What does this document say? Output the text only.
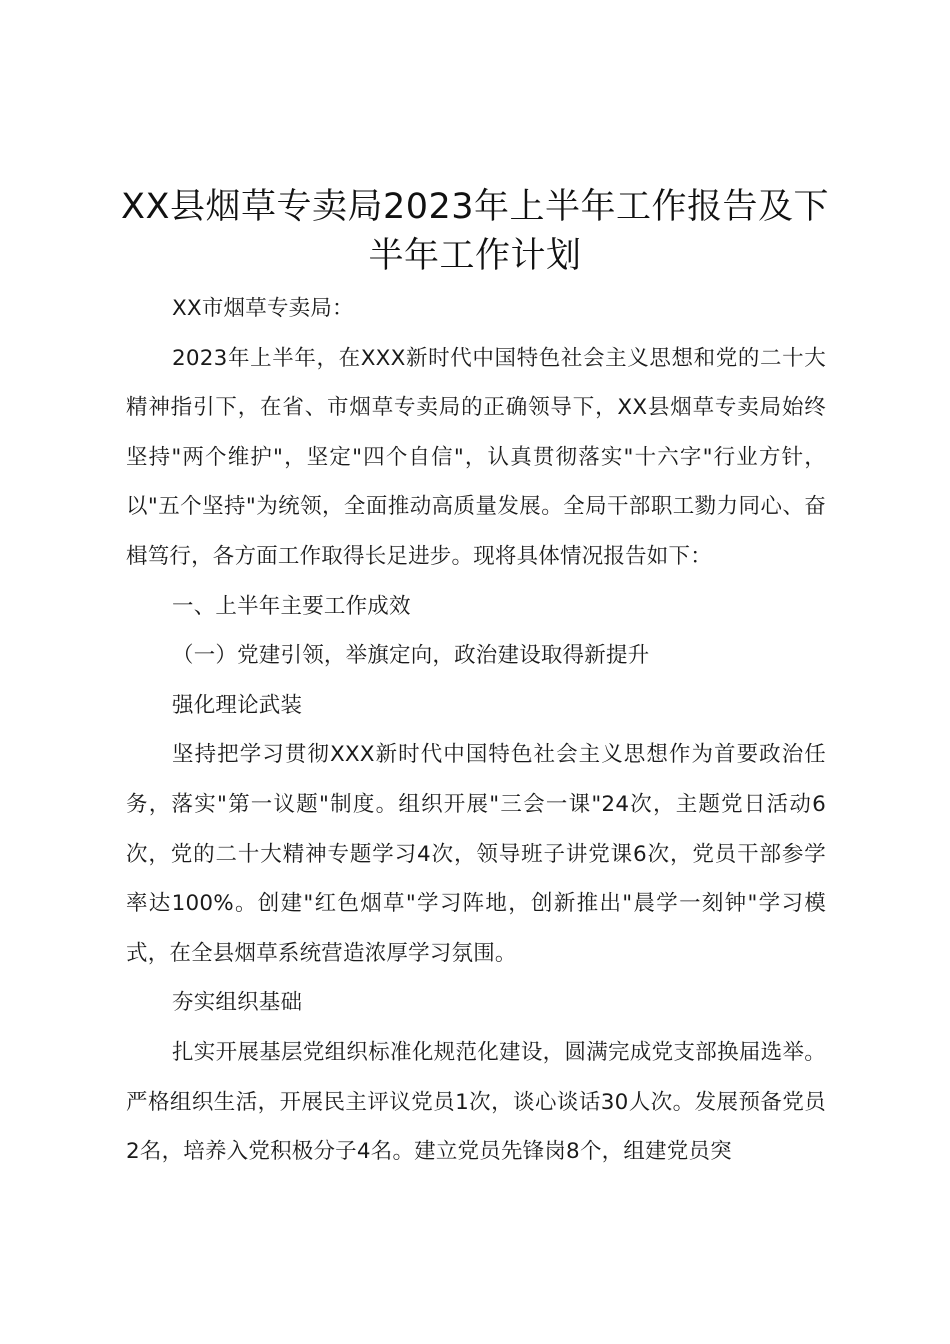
XX县烟草专卖局2023年上半年工作报告及下
半年工作计划

XX市烟草专卖局：

2023年上半年，在XXX新时代中国特色社会主义思想和党的二十大精神指引下，在省、市烟草专卖局的正确领导下，XX县烟草专卖局始终坚持"两个维护"，坚定"四个自信"，认真贯彻落实"十六字"行业方针，以"五个坚持"为统领，全面推动高质量发展。全局干部职工勠力同心、奋楫笃行，各方面工作取得长足进步。现将具体情况报告如下：

一、上半年主要工作成效

（一）党建引领，举旗定向，政治建设取得新提升

强化理论武装

坚持把学习贯彻XXX新时代中国特色社会主义思想作为首要政治任务，落实"第一议题"制度。组织开展"三会一课"24次，主题党日活动6次，党的二十大精神专题学习4次，领导班子讲党课6次，党员干部参学率达100%。创建"红色烟草"学习阵地，创新推出"晨学一刻钟"学习模式，在全县烟草系统营造浓厚学习氛围。

夯实组织基础

扎实开展基层党组织标准化规范化建设，圆满完成党支部换届选举。严格组织生活，开展民主评议党员1次，谈心谈话30人次。发展预备党员2名，培养入党积极分子4名。建立党员先锋岗8个，组建党员突
